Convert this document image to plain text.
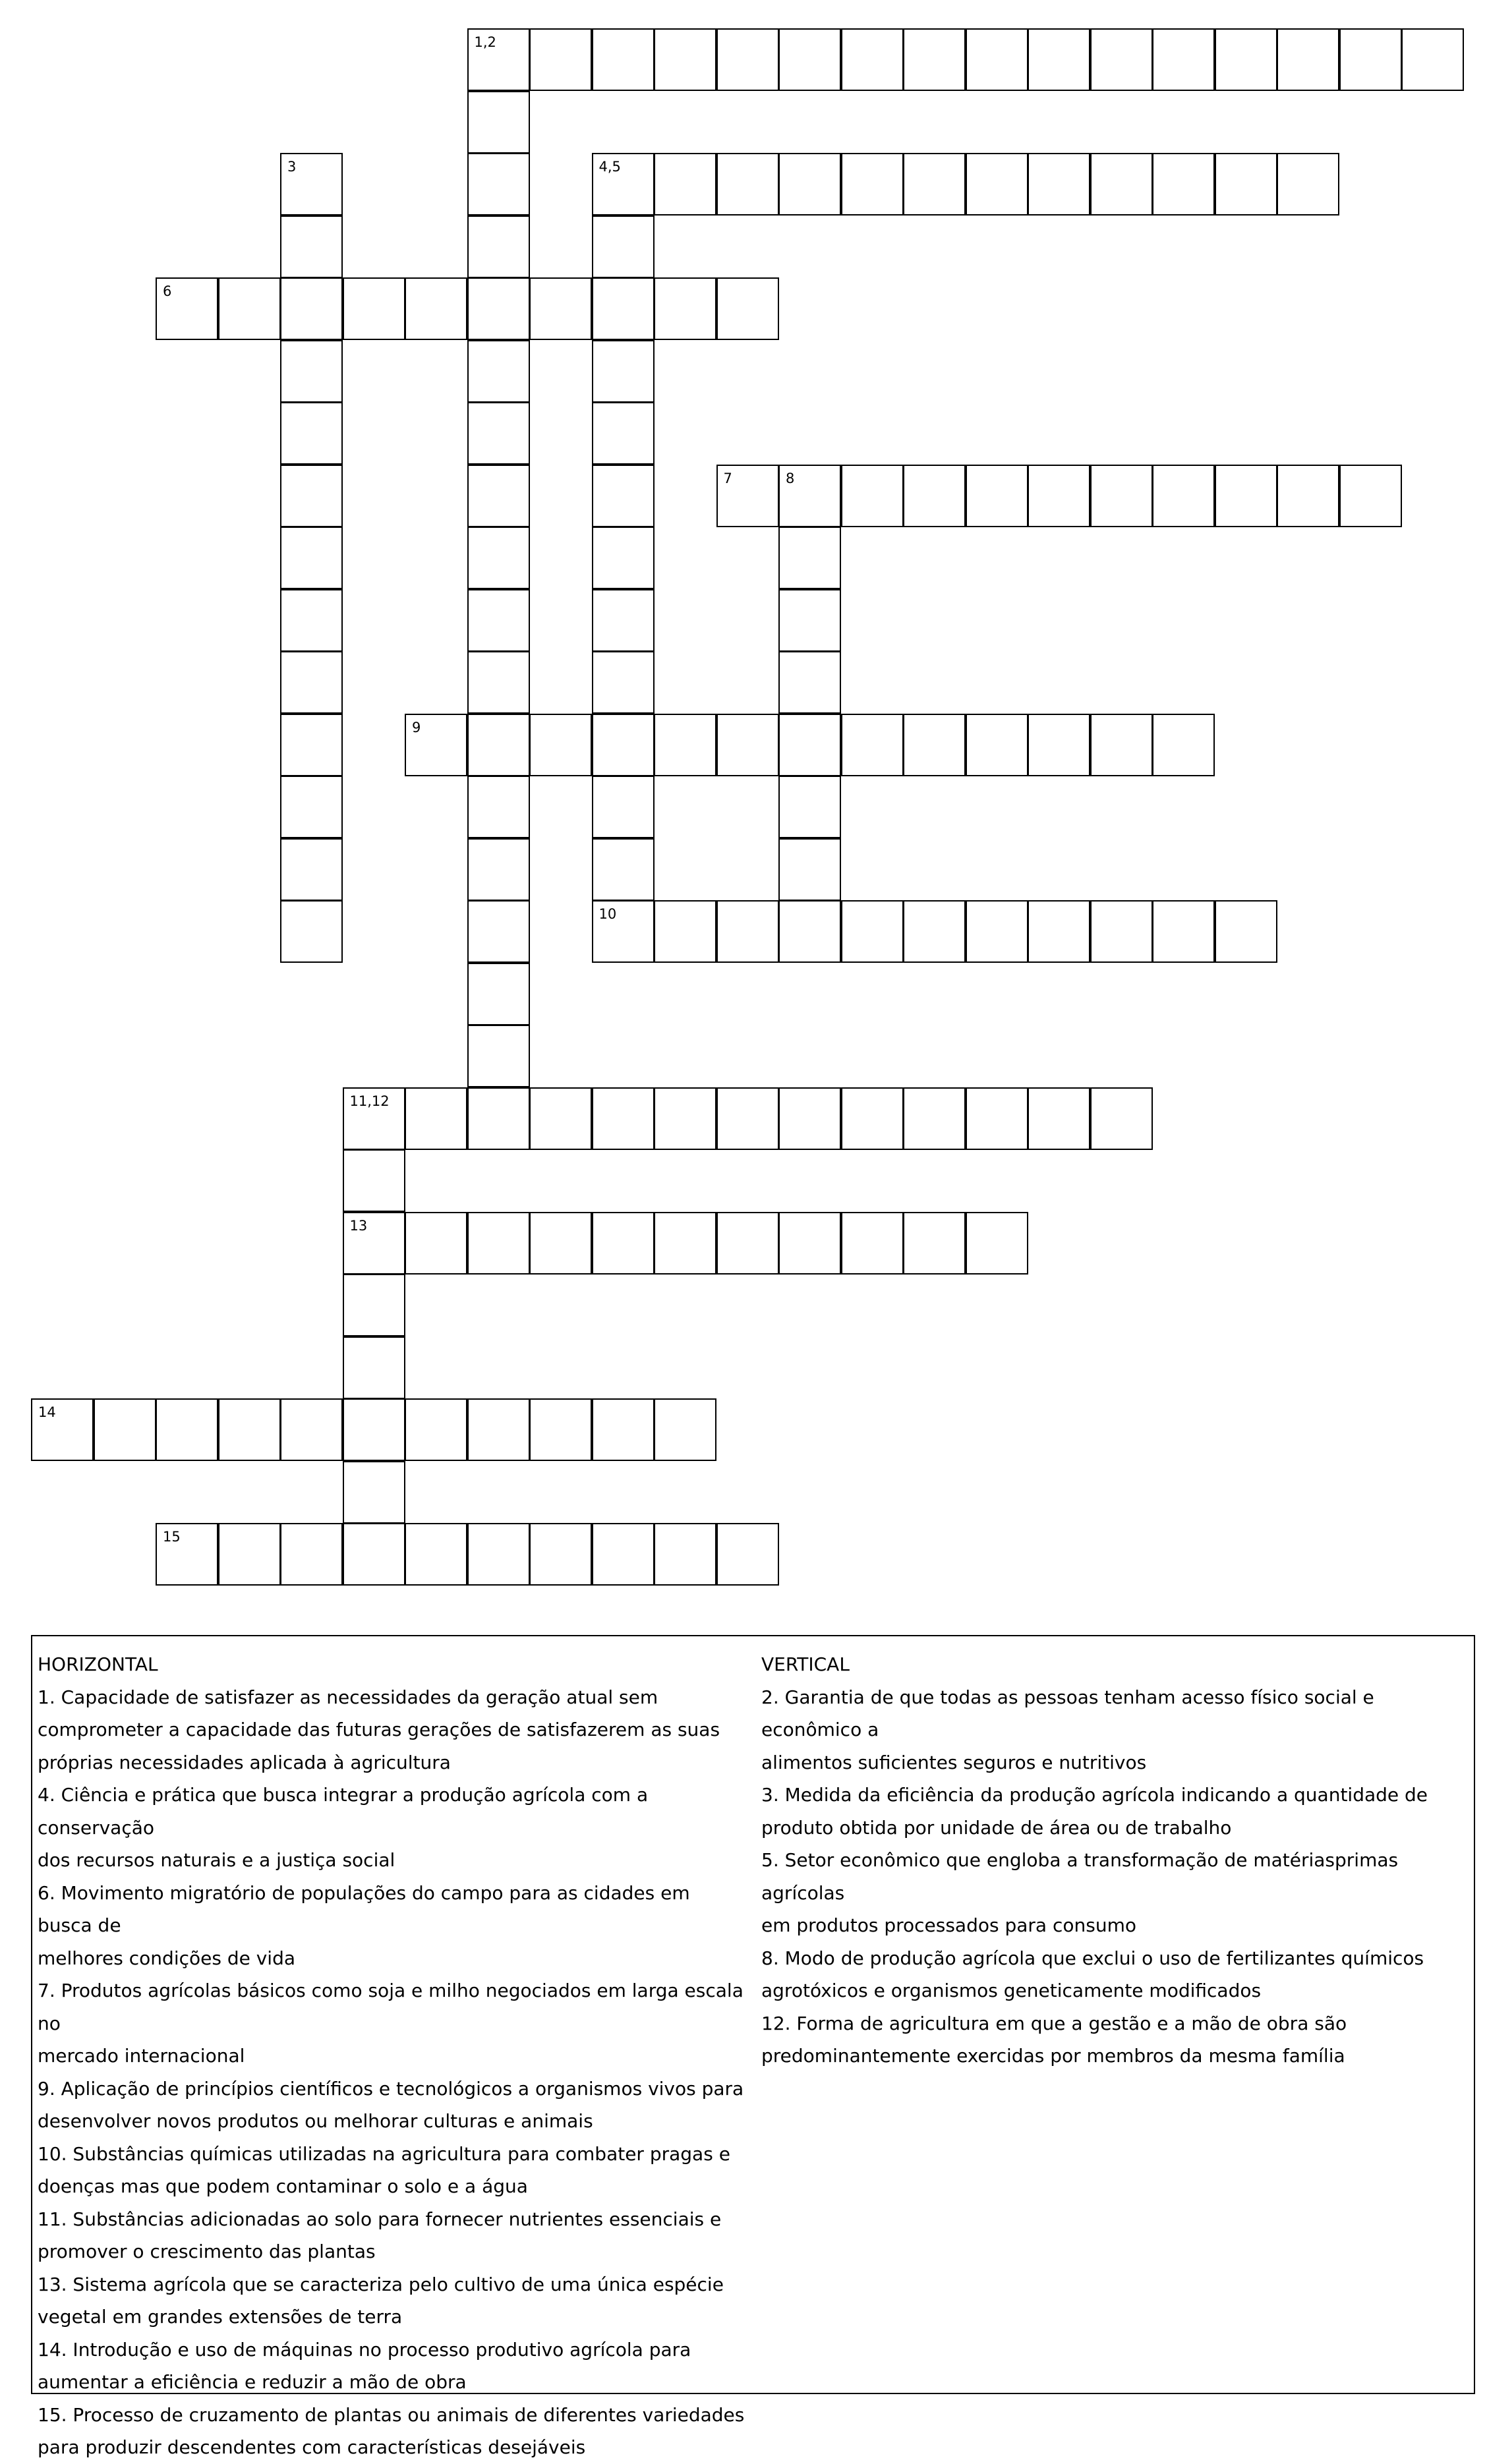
1,2
3	4,5
10
6
7	8
9
11,12
13
14
15

HORIZONTAL

1. Capacidade de satisfazer as necessidades da geração atual sem

comprometer a capacidade das futuras gerações de satisfazerem as suas

próprias necessidades aplicada à agricultura

4. Ciência e prática que busca integrar a produção agrícola com a conservação

dos recursos naturais e a justiça social

6. Movimento migratório de populações do campo para as cidades em busca de

melhores condições de vida

7. Produtos agrícolas básicos como soja e milho negociados em larga escala no

mercado internacional

9. Aplicação de princípios científicos e tecnológicos a organismos vivos para

desenvolver novos produtos ou melhorar culturas e animais

10. Substâncias químicas utilizadas na agricultura para combater pragas e

doenças mas que podem contaminar o solo e a água

11. Substâncias adicionadas ao solo para fornecer nutrientes essenciais e

promover o crescimento das plantas

13. Sistema agrícola que se caracteriza pelo cultivo de uma única espécie

vegetal em grandes extensões de terra

14. Introdução e uso de máquinas no processo produtivo agrícola para

aumentar a eficiência e reduzir a mão de obra

15. Processo de cruzamento de plantas ou animais de diferentes variedades

para produzir descendentes com características desejáveis

VERTICAL

2. Garantia de que todas as pessoas tenham acesso físico social e econômico a

alimentos suficientes seguros e nutritivos

3. Medida da eficiência da produção agrícola indicando a quantidade de

produto obtida por unidade de área ou de trabalho

5. Setor econômico que engloba a transformação de matériasprimas agrícolas

em produtos processados para consumo

8. Modo de produção agrícola que exclui o uso de fertilizantes químicos

agrotóxicos e organismos geneticamente modificados

12. Forma de agricultura em que a gestão e a mão de obra são

predominantemente exercidas por membros da mesma família
